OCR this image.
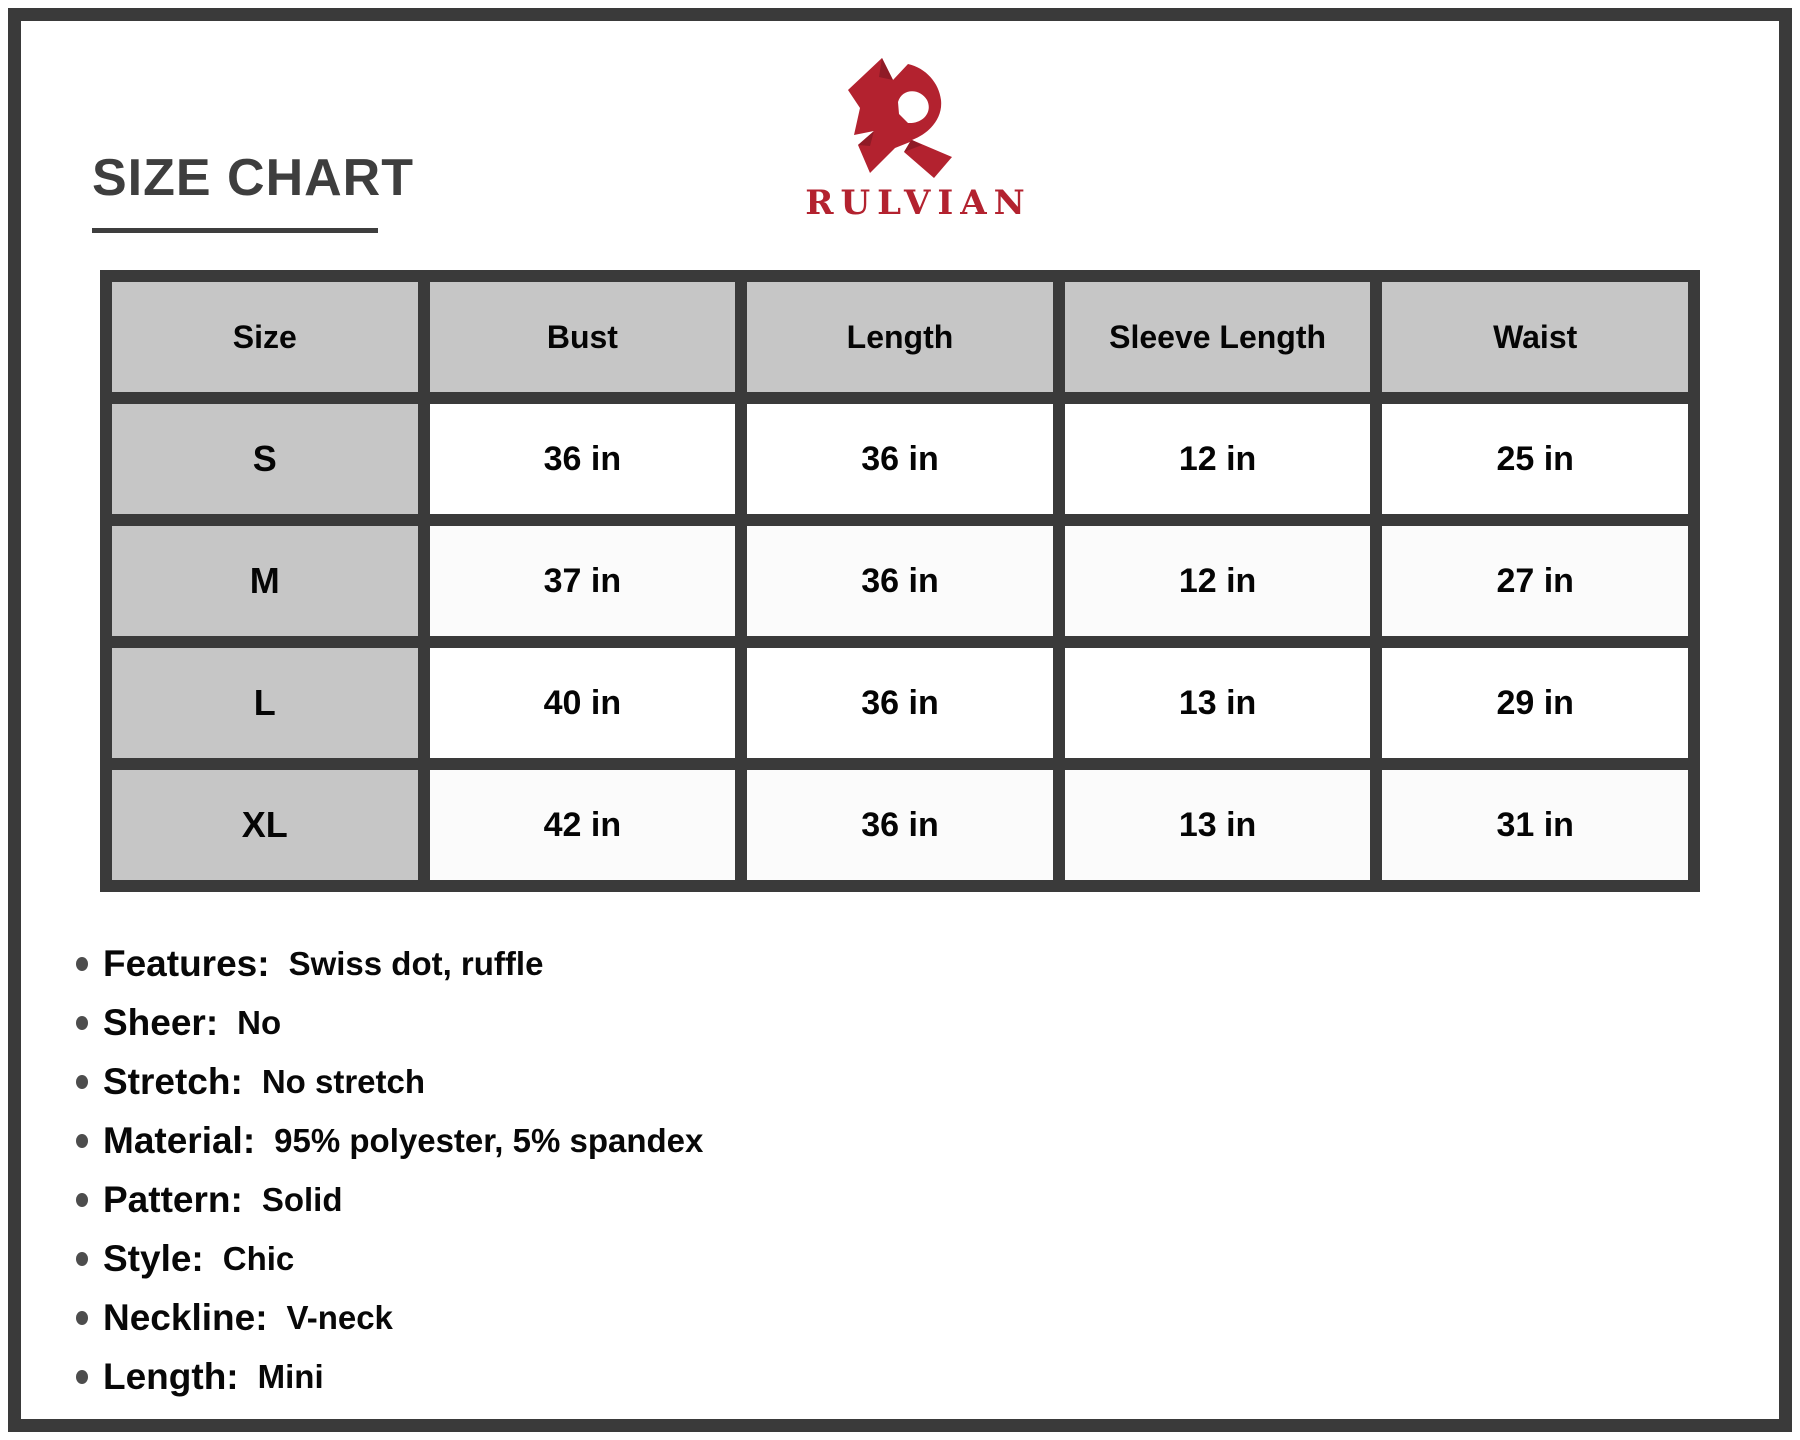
SIZE CHART	RULVIAN
Size	Bust	Length	Sleeve Length	Waist
S	36 in	36 in	12 in	25 in
M	37 in	36 in	12 in	27 in
L	40 in	36 in	13 in	29 in
XL	42 in	36 in	13 in	31 in
Features: Swiss dot, ruffle
Sheer: No
Stretch: No stretch
Material: 95% polyester, 5% spandex
Pattern: Solid
Style: Chic
Neckline: V-neck
Length: Mini
